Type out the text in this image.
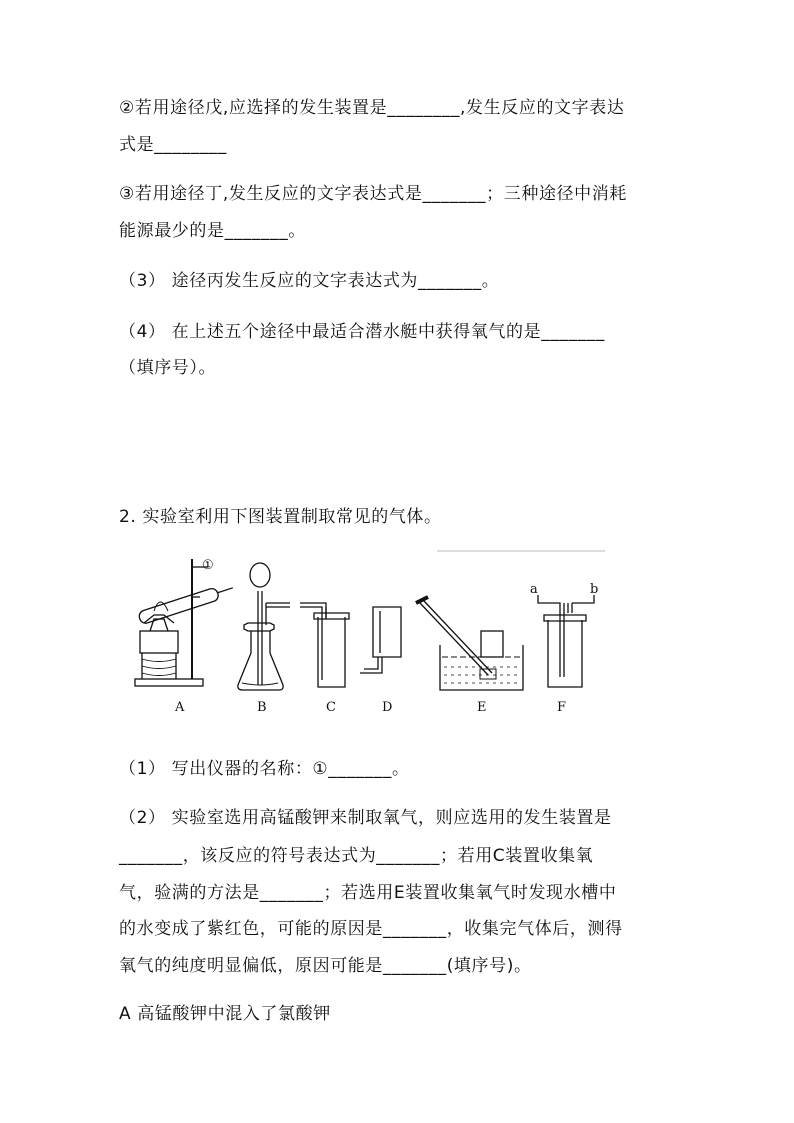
②若用途径戊,应选择的发生装置是________,发生反应的文字表达
式是________
③若用途径丁,发生反应的文字表达式是_______；三种途径中消耗
能源最少的是_______。
（3） 途径丙发生反应的文字表达式为_______。
（4） 在上述五个途径中最适合潜水艇中获得氧气的是_______
（填序号）。
2. 实验室利用下图装置制取常见的气体。
①
a	b
A	B	C	D	E	F
（1） 写出仪器的名称：①_______。
（2） 实验室选用高锰酸钾来制取氧气，则应选用的发生装置是
_______，该反应的符号表达式为_______；若用C装置收集氧
气，验满的方法是_______；若选用E装置收集氧气时发现水槽中
的水变成了紫红色，可能的原因是_______，收集完气体后，测得
氧气的纯度明显偏低，原因可能是_______(填序号)。
A 高锰酸钾中混入了氯酸钾
